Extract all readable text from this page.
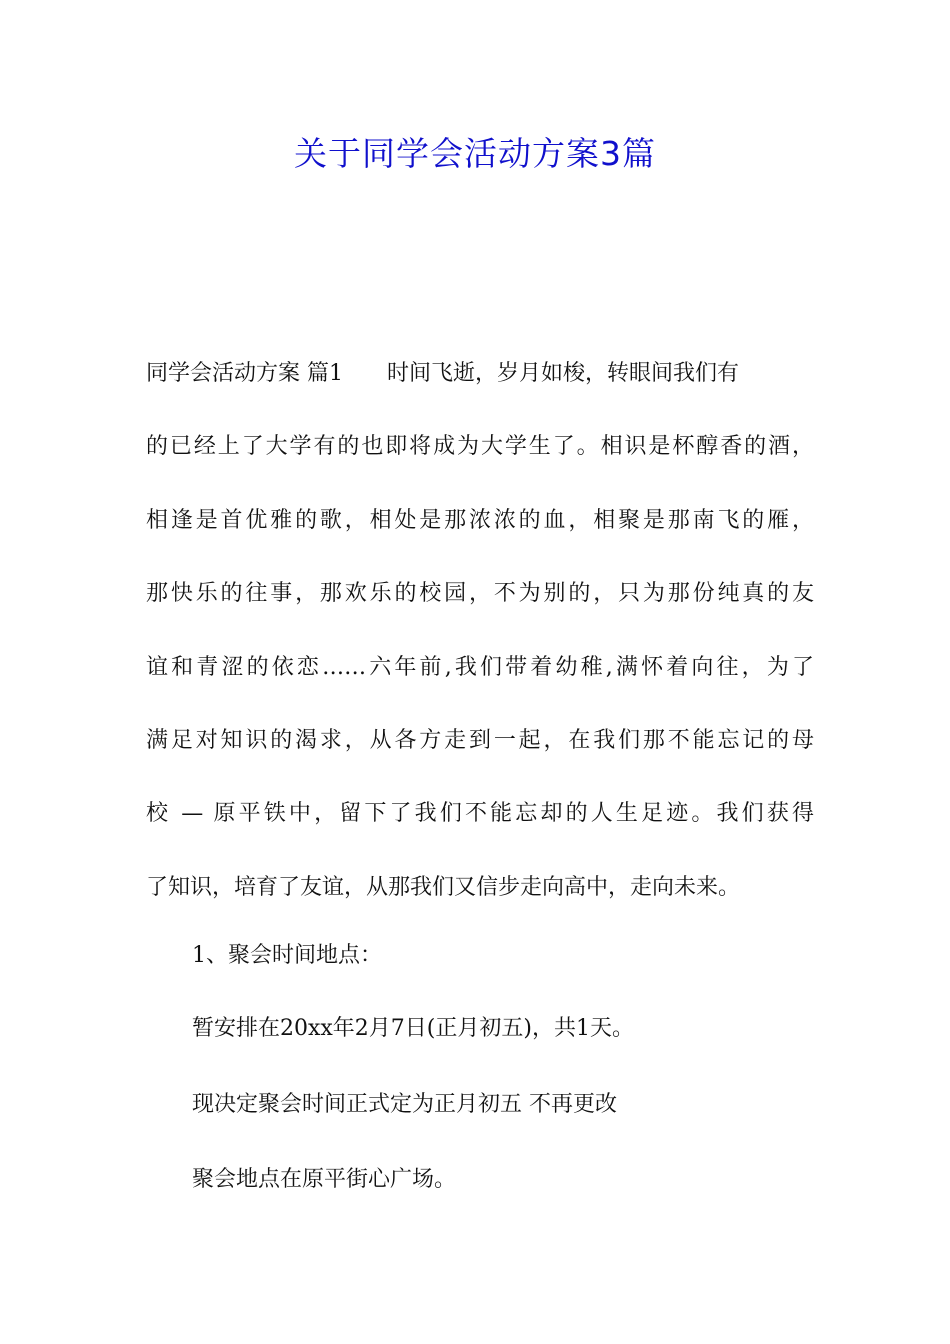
关于同学会活动方案3篇
同学会活动方案 篇1 时间飞逝，岁月如梭，转眼间我们有
的已经上了大学有的也即将成为大学生了。相识是杯醇香的酒，
相逢是首优雅的歌，相处是那浓浓的血，相聚是那南飞的雁，
那快乐的往事，那欢乐的校园，不为别的，只为那份纯真的友
谊和青涩的依恋……六年前,我们带着幼稚,满怀着向往，为了
满足对知识的渴求，从各方走到一起，在我们那不能忘记的母
校 — 原平铁中，留下了我们不能忘却的人生足迹。我们获得
了知识，培育了友谊，从那我们又信步走向高中，走向未来。

1、聚会时间地点：

暂安排在20xx年2月7日(正月初五)，共1天。

现决定聚会时间正式定为正月初五 不再更改

聚会地点在原平街心广场。
